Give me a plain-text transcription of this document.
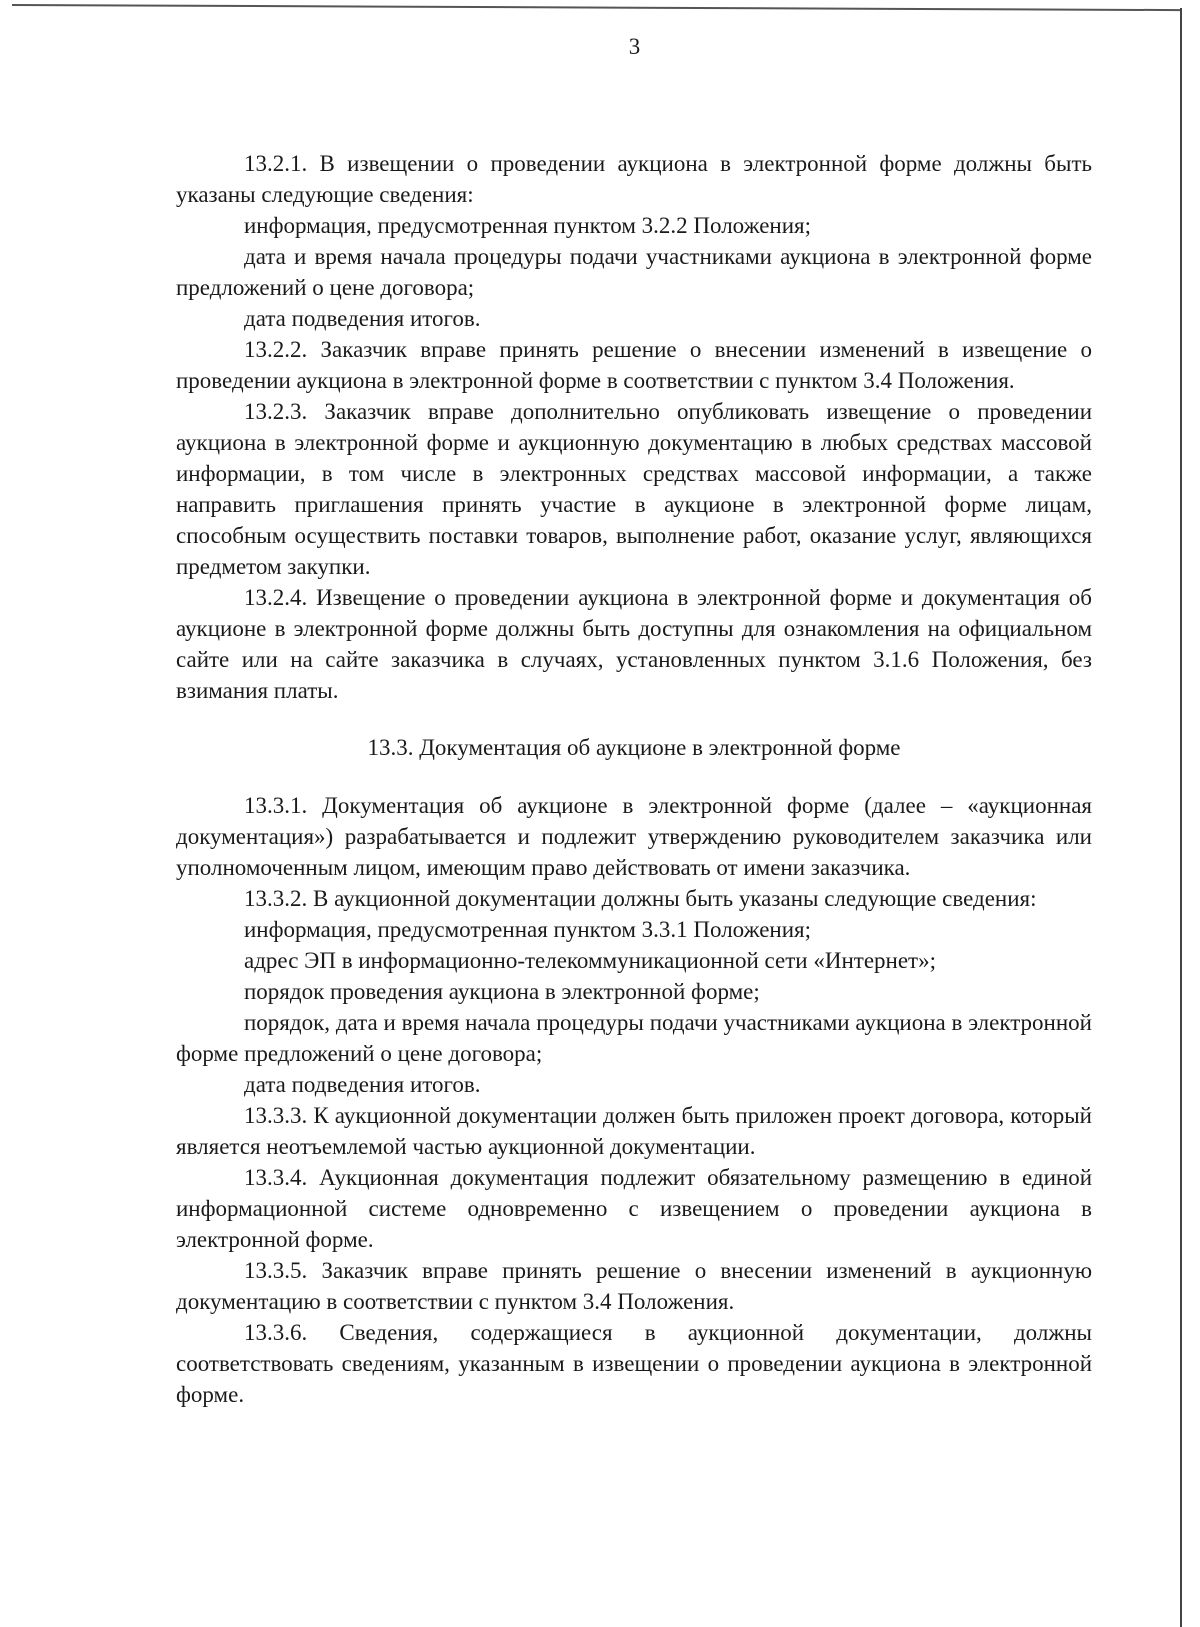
3

13.2.1. В извещении о проведении аукциона в электронной форме должны быть указаны следующие сведения:

информация, предусмотренная пунктом 3.2.2 Положения;

дата и время начала процедуры подачи участниками аукциона в электронной форме предложений о цене договора;

дата подведения итогов.

13.2.2. Заказчик вправе принять решение о внесении изменений в извещение о проведении аукциона в электронной форме в соответствии с пунктом 3.4 Положения.

13.2.3. Заказчик вправе дополнительно опубликовать извещение о проведении аукциона в электронной форме и аукционную документацию в любых средствах массовой информации, в том числе в электронных средствах массовой информации, а также направить приглашения принять участие в аукционе в электронной форме лицам, способным осуществить поставки товаров, выполнение работ, оказание услуг, являющихся предметом закупки.

13.2.4. Извещение о проведении аукциона в электронной форме и документация об аукционе в электронной форме должны быть доступны для ознакомления на официальном сайте или на сайте заказчика в случаях, установленных пунктом 3.1.6 Положения, без взимания платы.

13.3. Документация об аукционе в электронной форме

13.3.1. Документация об аукционе в электронной форме (далее – «аукционная документация») разрабатывается и подлежит утверждению руководителем заказчика или уполномоченным лицом, имеющим право действовать от имени заказчика.

13.3.2. В аукционной документации должны быть указаны следующие сведения:

информация, предусмотренная пунктом 3.3.1 Положения;

адрес ЭП в информационно-телекоммуникационной сети «Интернет»;

порядок проведения аукциона в электронной форме;

порядок, дата и время начала процедуры подачи участниками аукциона в электронной форме предложений о цене договора;

дата подведения итогов.

13.3.3. К аукционной документации должен быть приложен проект договора, который является неотъемлемой частью аукционной документации.

13.3.4. Аукционная документация подлежит обязательному размещению в единой информационной системе одновременно с извещением о проведении аукциона в электронной форме.

13.3.5. Заказчик вправе принять решение о внесении изменений в аукционную документацию в соответствии с пунктом 3.4 Положения.

13.3.6. Сведения, содержащиеся в аукционной документации, должны соответствовать сведениям, указанным в извещении о проведении аукциона в электронной форме.
